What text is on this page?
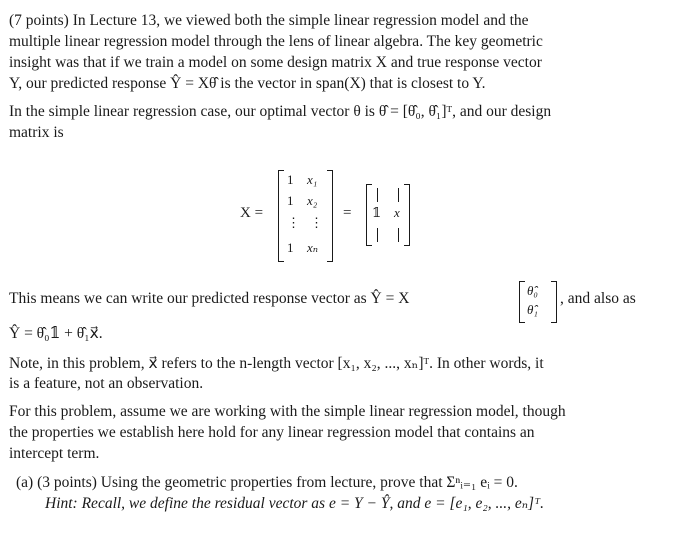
(7 points) In Lecture 13, we viewed both the simple linear regression model and the
multiple linear regression model through the lens of linear algebra. The key geometric
insight was that if we train a model on some design matrix X and true response vector
Y, our predicted response Ŷ = Xθ̂ is the vector in span(X) that is closest to Y.
In the simple linear regression case, our optimal vector θ is θ̂ = [θ̂₀, θ̂₁]ᵀ, and our design
matrix is
X =
1
1
⋮
1
x₁
x₂
⋮
xₙ
= 𝟙 x⃗
This means we can write our predicted response vector as Ŷ = X	θ̂₀
θ̂₁
, and also as
Ŷ = θ̂₀𝟙 + θ̂₁x⃗.
Note, in this problem, x⃗ refers to the n-length vector [x₁, x₂, ..., xₙ]ᵀ. In other words, it
is a feature, not an observation.
For this problem, assume we are working with the simple linear regression model, though
the properties we establish here hold for any linear regression model that contains an
intercept term.
(a) (3 points) Using the geometric properties from lecture, prove that Σⁿᵢ₌₁ eᵢ = 0.
Hint: Recall, we define the residual vector as e = Y − Ŷ, and e = [e₁, e₂, ..., eₙ]ᵀ.
